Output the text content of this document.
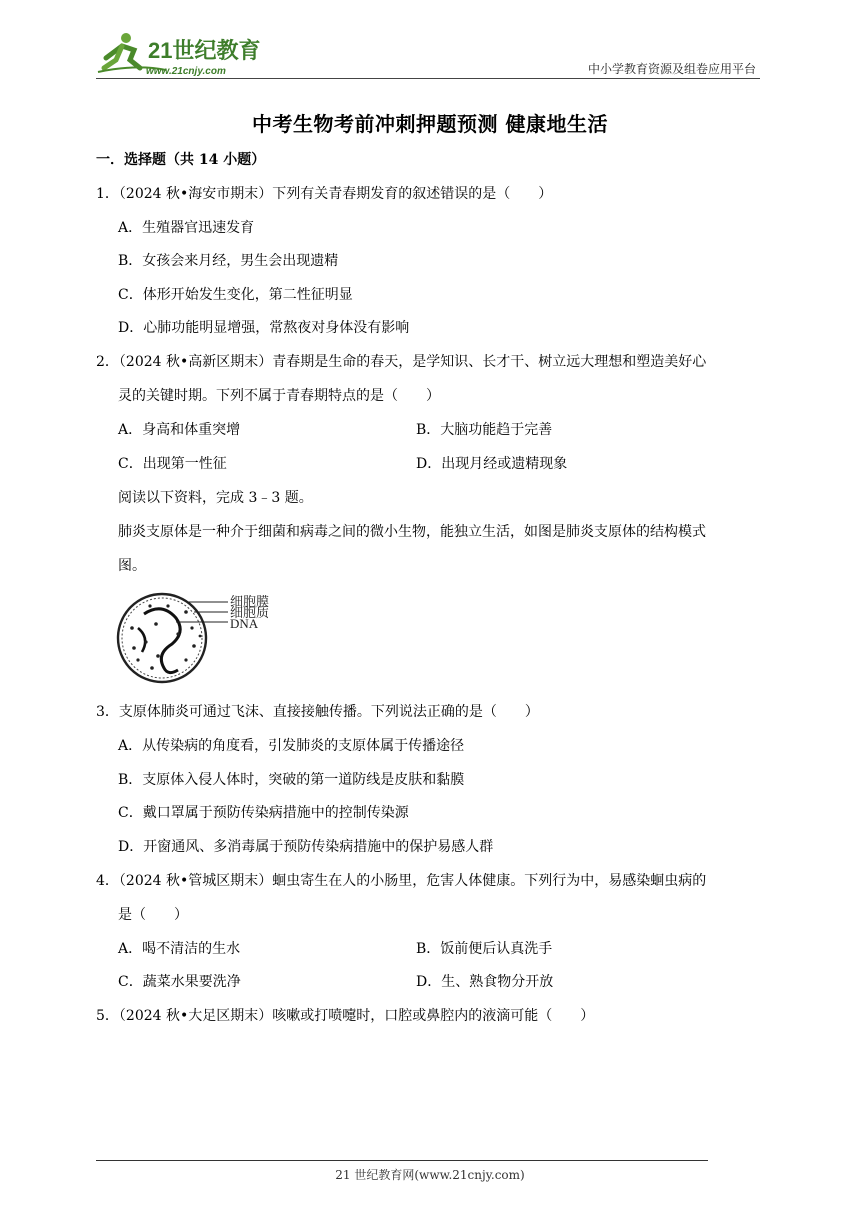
21世纪教育
www.21cnjy.com	中小学教育资源及组卷应用平台
中考生物考前冲刺押题预测 健康地生活
一．选择题（共 14 小题）
1．（2024 秋•海安市期末）下列有关青春期发育的叙述错误的是（　　）
A．生殖器官迅速发育
B．女孩会来月经，男生会出现遗精
C．体形开始发生变化，第二性征明显
D．心肺功能明显增强，常熬夜对身体没有影响
2．（2024 秋•高新区期末）青春期是生命的春天，是学知识、长才干、树立远大理想和塑造美好心
灵的关键时期。下列不属于青春期特点的是（　　）
A．身高和体重突增	B．大脑功能趋于完善
C．出现第一性征	D．出现月经或遗精现象
阅读以下资料，完成 3﹣3 题。
肺炎支原体是一种介于细菌和病毒之间的微小生物，能独立生活，如图是肺炎支原体的结构模式
图。
细胞膜
细胞质
DNA
3．支原体肺炎可通过飞沫、直接接触传播。下列说法正确的是（　　）
A．从传染病的角度看，引发肺炎的支原体属于传播途径
B．支原体入侵人体时，突破的第一道防线是皮肤和黏膜
C．戴口罩属于预防传染病措施中的控制传染源
D．开窗通风、多消毒属于预防传染病措施中的保护易感人群
4．（2024 秋•管城区期末）蛔虫寄生在人的小肠里，危害人体健康。下列行为中，易感染蛔虫病的
是（　　）
A．喝不清洁的生水	B．饭前便后认真洗手
C．蔬菜水果要洗净	D．生、熟食物分开放
5．（2024 秋•大足区期末）咳嗽或打喷嚏时，口腔或鼻腔内的液滴可能（　　）
21 世纪教育网(www.21cnjy.com)
